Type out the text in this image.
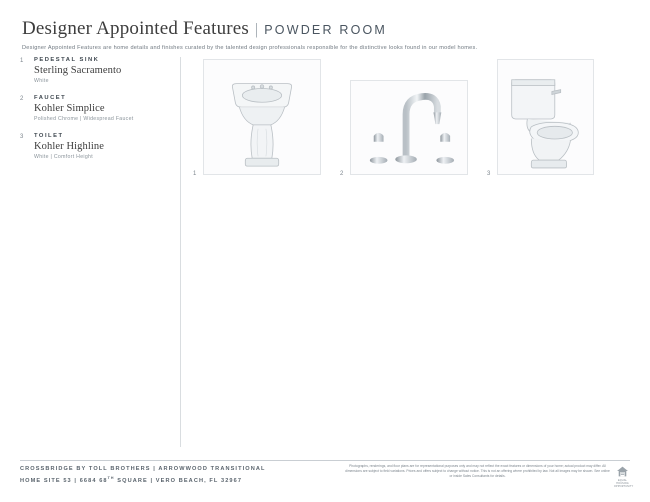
Designer Appointed Features | POWDER ROOM
Designer Appointed Features are home details and finishes curated by the talented design professionals responsible for the distinctive looks found in our model homes.
1 PEDESTAL SINK
Sterling Sacramento
White
2 FAUCET
Kohler Simplice
Polished Chrome | Widespread Faucet
3 TOILET
Kohler Highline
White | Comfort Height
1	2	3
CROSSBRIDGE BY TOLL BROTHERS | ARROWWOOD TRANSITIONAL
HOME SITE 53 | 6684 68TH SQUARE | VERO BEACH, FL 32967
Photographs, renderings, and floor plans are for representational purposes only and may not reflect the exact features or dimensions of your home; actual product may differ. All dimensions are subject to field variations. Prices and offers subject to change without notice. This is not an offering where prohibited by law. Not all images may be shown. See online or inside Sales Consultants for details.
EQUAL HOUSING OPPORTUNITY
